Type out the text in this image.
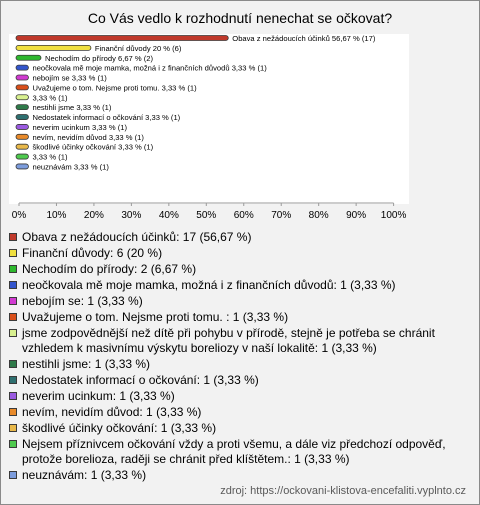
Co Vás vedlo k rozhodnutí nenechat se očkovat?
0% 10% 20% 30% 40% 50% 60% 70% 80% 90% 100%
Obava z nežádoucích účinků 56,67 % (17)
Finanční důvody 20 % (6)
Nechodím do přírody 6,67 % (2)
neočkovala mě moje mamka, možná i z finančních důvodů 3,33 % (1)
nebojím se 3,33 % (1)
Uvažujeme o tom. Nejsme proti tomu. 3,33 % (1)
3,33 % (1)
nestihli jsme 3,33 % (1)
Nedostatek informací o očkování 3,33 % (1)
neverim ucinkum 3,33 % (1)
nevím, nevidím důvod 3,33 % (1)
škodlivé účinky očkování 3,33 % (1)
3,33 % (1)
neuznávám 3,33 % (1)
Obava z nežádoucích účinků: 17 (56,67 %)
Finanční důvody: 6 (20 %)
Nechodím do přírody: 2 (6,67 %)
neočkovala mě moje mamka, možná i z finančních důvodů: 1 (3,33 %)
nebojím se: 1 (3,33 %)
Uvažujeme o tom. Nejsme proti tomu. : 1 (3,33 %)
jsme zodpovědnější než dítě při pohybu v přírodě, stejně je potřeba se chránit vzhledem k masivnímu výskytu boreliozy v naší lokalitě: 1 (3,33 %)
nestihli jsme: 1 (3,33 %)
Nedostatek informací o očkování: 1 (3,33 %)
neverim ucinkum: 1 (3,33 %)
nevím, nevidím důvod: 1 (3,33 %)
škodlivé účinky očkování: 1 (3,33 %)
Nejsem příznivcem očkování vždy a proti všemu, a dále viz předchozí odpověď, protože borelioza, raději se chránit před klíštětem.: 1 (3,33 %)
neuznávám: 1 (3,33 %)
zdroj: https://ockovani-klistova-encefaliti.vyplnto.cz
